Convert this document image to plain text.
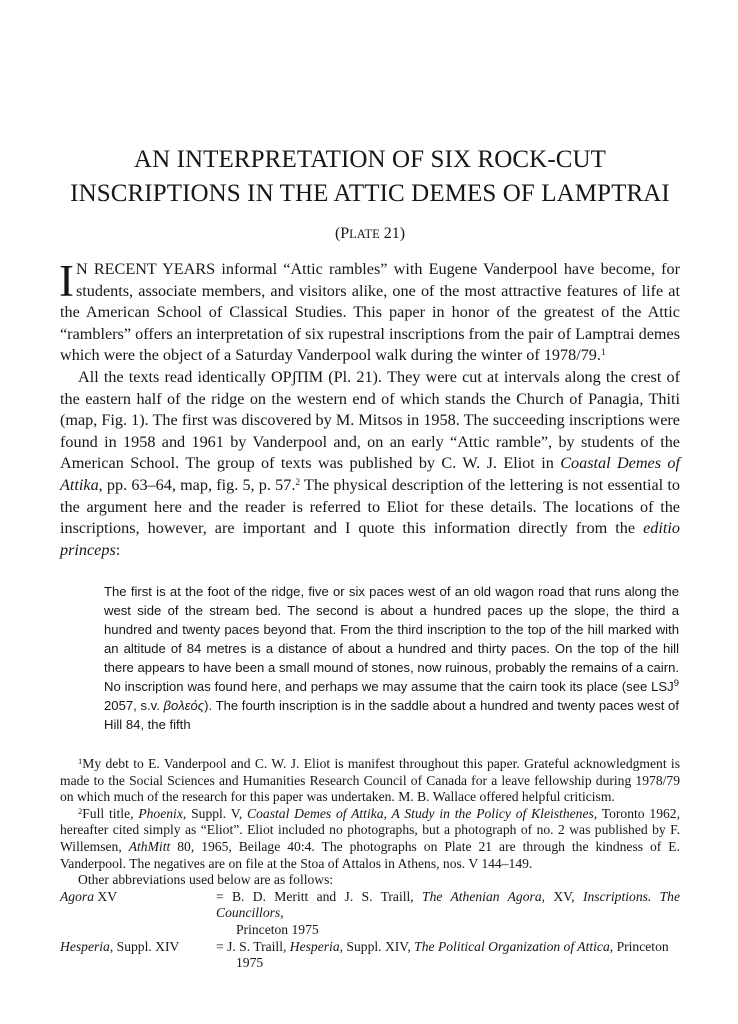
AN INTERPRETATION OF SIX ROCK-CUT
INSCRIPTIONS IN THE ATTIC DEMES OF LAMPTRAI
(PLATE 21)

I N RECENT YEARS informal “Attic rambles” with Eugene Vanderpool have become, for students, associate members, and visitors alike, one of the most attractive features of life at the American School of Classical Studies. This paper in honor of the greatest of the Attic “ramblers” offers an interpretation of six rupestral inscriptions from the pair of Lamptrai demes which were the object of a Saturday Vanderpool walk during the winter of 1978/79.$^1$

All the texts read identically ΟΡʃΠΜ (Pl. 21). They were cut at intervals along the crest of the eastern half of the ridge on the western end of which stands the Church of Panagia, Thiti (map, Fig. 1). The first was discovered by M. Mitsos in 1958. The succeeding inscriptions were found in 1958 and 1961 by Vanderpool and, on an early “Attic ramble”, by students of the American School. The group of texts was published by C. W. J. Eliot in Coastal Demes of Attika, pp. 63–64, map, fig. 5, p. 57.$^2$ The physical description of the lettering is not essential to the argument here and the reader is referred to Eliot for these details. The locations of the inscriptions, however, are important and I quote this information directly from the editio princeps:

The first is at the foot of the ridge, five or six paces west of an old wagon road that runs along the west side of the stream bed. The second is about a hundred paces up the slope, the third a hundred and twenty paces beyond that. From the third inscription to the top of the hill marked with an altitude of 84 metres is a distance of about a hundred and thirty paces. On the top of the hill there appears to have been a small mound of stones, now ruinous, probably the remains of a cairn. No inscription was found here, and perhaps we may assume that the cairn took its place (see LSJ$^9$ 2057, s.v. βολεός). The fourth inscription is in the saddle about a hundred and twenty paces west of Hill 84, the fifth

$^1$My debt to E. Vanderpool and C. W. J. Eliot is manifest throughout this paper. Grateful acknowledgment is made to the Social Sciences and Humanities Research Council of Canada for a leave fellowship during 1978/79 on which much of the research for this paper was undertaken. M. B. Wallace offered helpful criticism.

$^2$Full title, Phoenix, Suppl. V, Coastal Demes of Attika, A Study in the Policy of Kleisthenes, Toronto 1962, hereafter cited simply as “Eliot”. Eliot included no photographs, but a photograph of no. 2 was published by F. Willemsen, AthMitt 80, 1965, Beilage 40:4. The photographs on Plate 21 are through the kindness of E. Vanderpool. The negatives are on file at the Stoa of Attalos in Athens, nos. V 144–149.

Other abbreviations used below are as follows:

Agora XV	= B. D. Meritt and J. S. Traill, The Athenian Agora, XV, Inscriptions. The Councillors,
Princeton 1975
Hesperia, Suppl. XIV	= J. S. Traill, Hesperia, Suppl. XIV, The Political Organization of Attica, Princeton
1975
